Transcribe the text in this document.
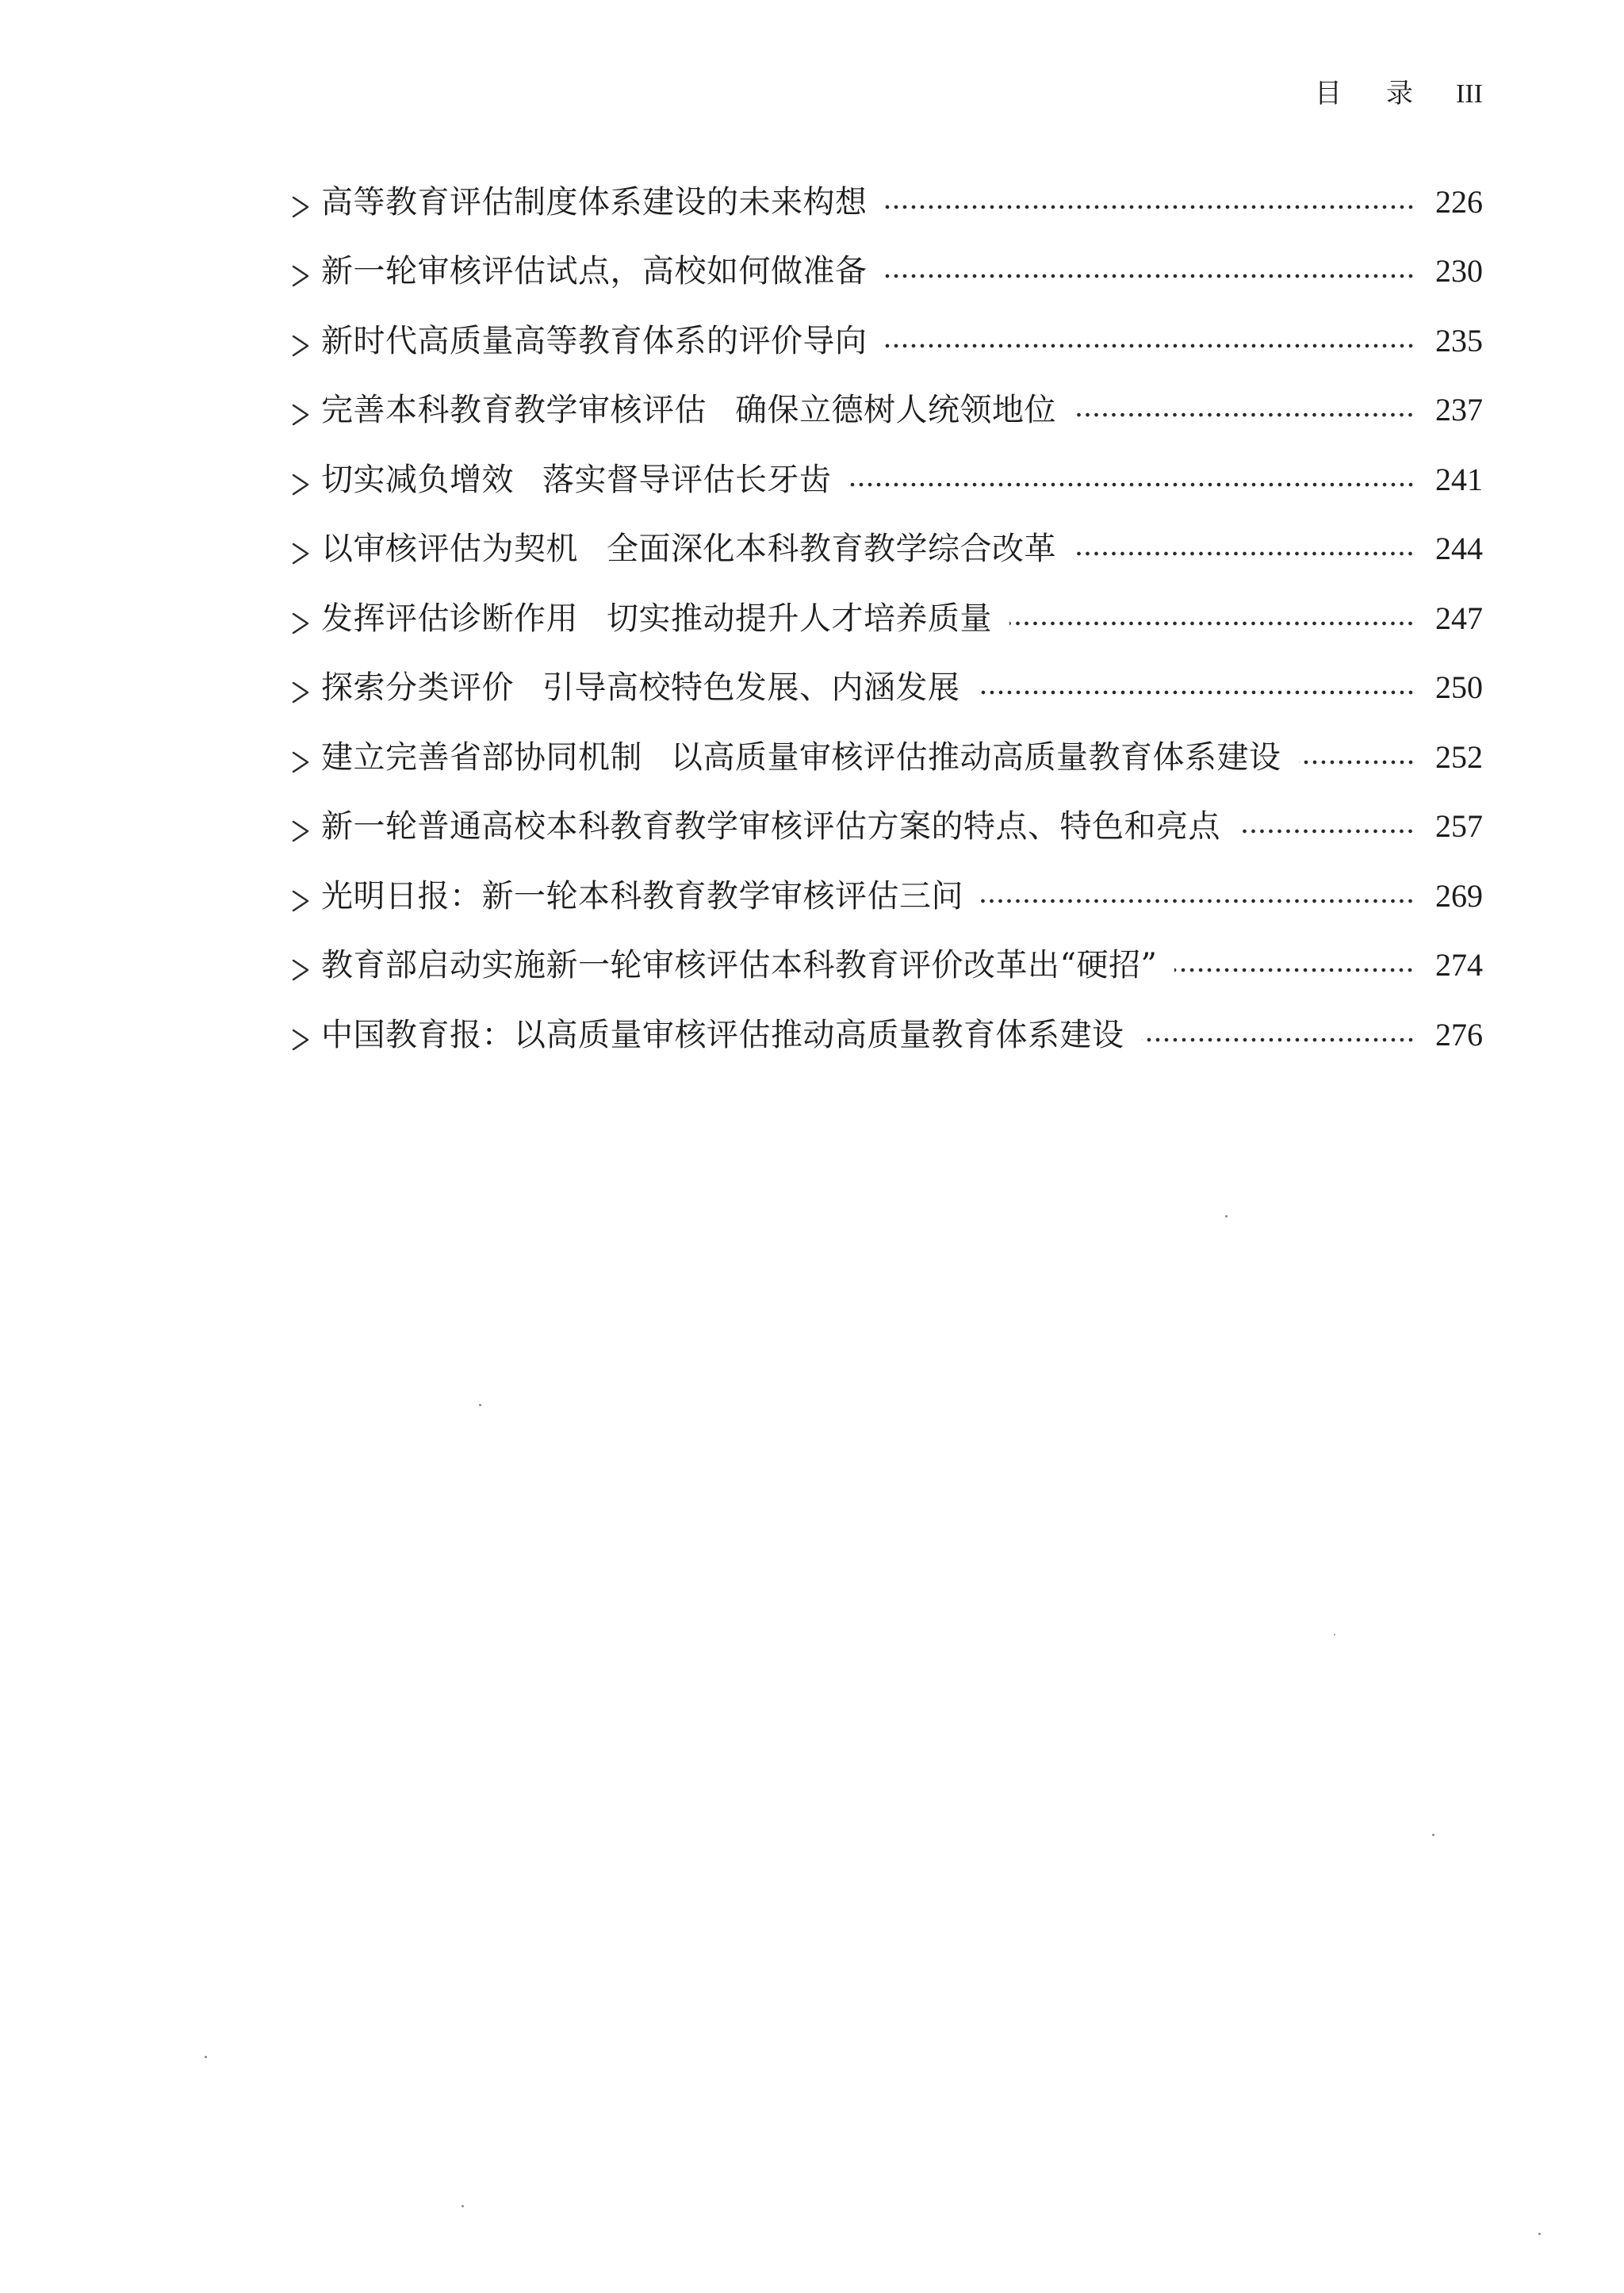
目 录 III
高等教育评估制度体系建设的未来构想	226
新一轮审核评估试点，高校如何做准备	230
新时代高质量高等教育体系的评价导向	235
完善本科教育教学审核评估 确保立德树人统领地位	237
切实减负增效 落实督导评估长牙齿	241
以审核评估为契机 全面深化本科教育教学综合改革	244
发挥评估诊断作用 切实推动提升人才培养质量	247
探索分类评价 引导高校特色发展、内涵发展	250
建立完善省部协同机制 以高质量审核评估推动高质量教育体系建设	252
新一轮普通高校本科教育教学审核评估方案的特点、特色和亮点	257
光明日报：新一轮本科教育教学审核评估三问	269
教育部启动实施新一轮审核评估本科教育评价改革出“硬招”	274
中国教育报：以高质量审核评估推动高质量教育体系建设	276
